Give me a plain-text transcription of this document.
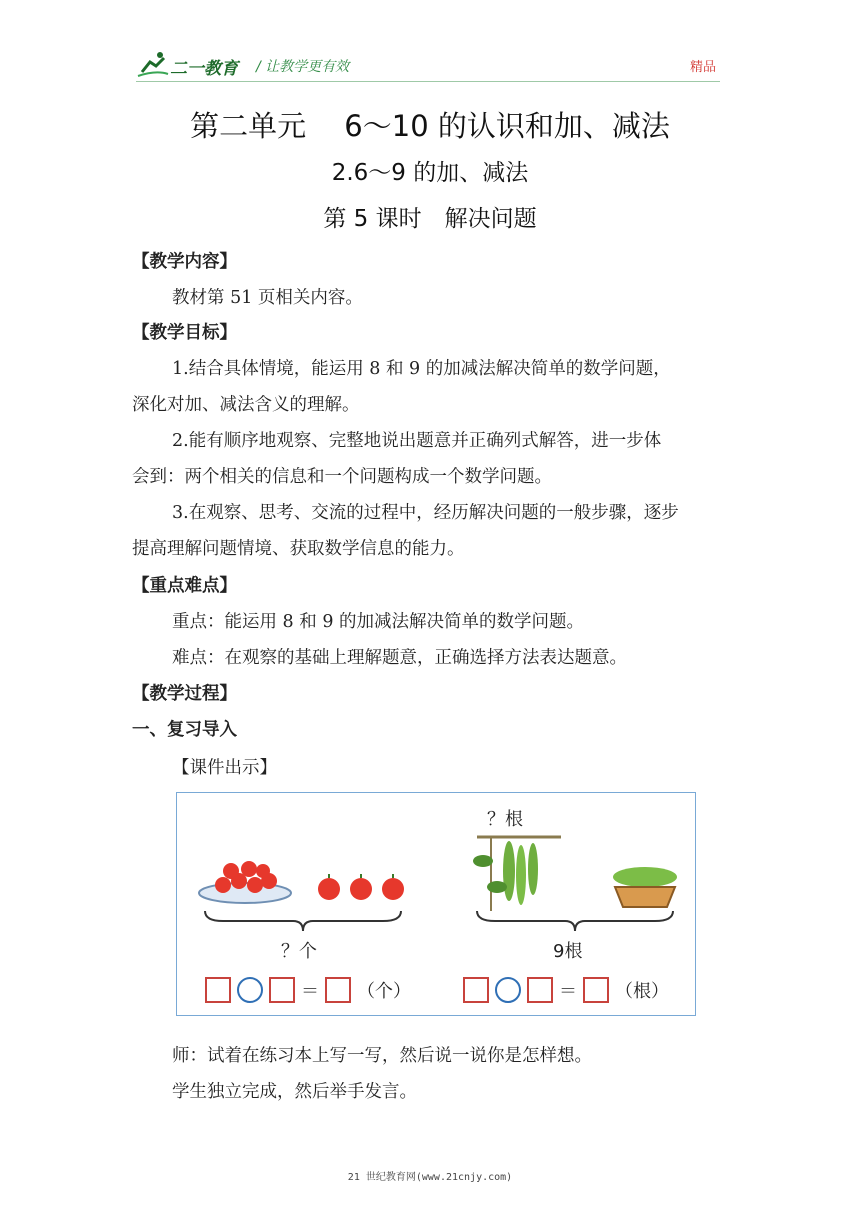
二一教育 / 让教学更有效	精品
第二单元　 6～10 的认识和加、减法
2.6～9 的加、减法
第 5 课时　解决问题
【教学内容】
教材第 51 页相关内容。
【教学目标】
1.结合具体情境，能运用 8 和 9 的加减法解决简单的数学问题，
深化对加、减法含义的理解。
2.能有顺序地观察、完整地说出题意并正确列式解答，进一步体
会到：两个相关的信息和一个问题构成一个数学问题。
3.在观察、思考、交流的过程中，经历解决问题的一般步骤，逐步
提高理解问题情境、获取数学信息的能力。
【重点难点】
重点：能运用 8 和 9 的加减法解决简单的数学问题。
难点：在观察的基础上理解题意，正确选择方法表达题意。
【教学过程】
一、复习导入
【课件出示】
？个
？根
9根
＝ （个）	＝ （根）
师：试着在练习本上写一写，然后说一说你是怎样想。
学生独立完成，然后举手发言。
21 世纪教育网(www.21cnjy.com)
